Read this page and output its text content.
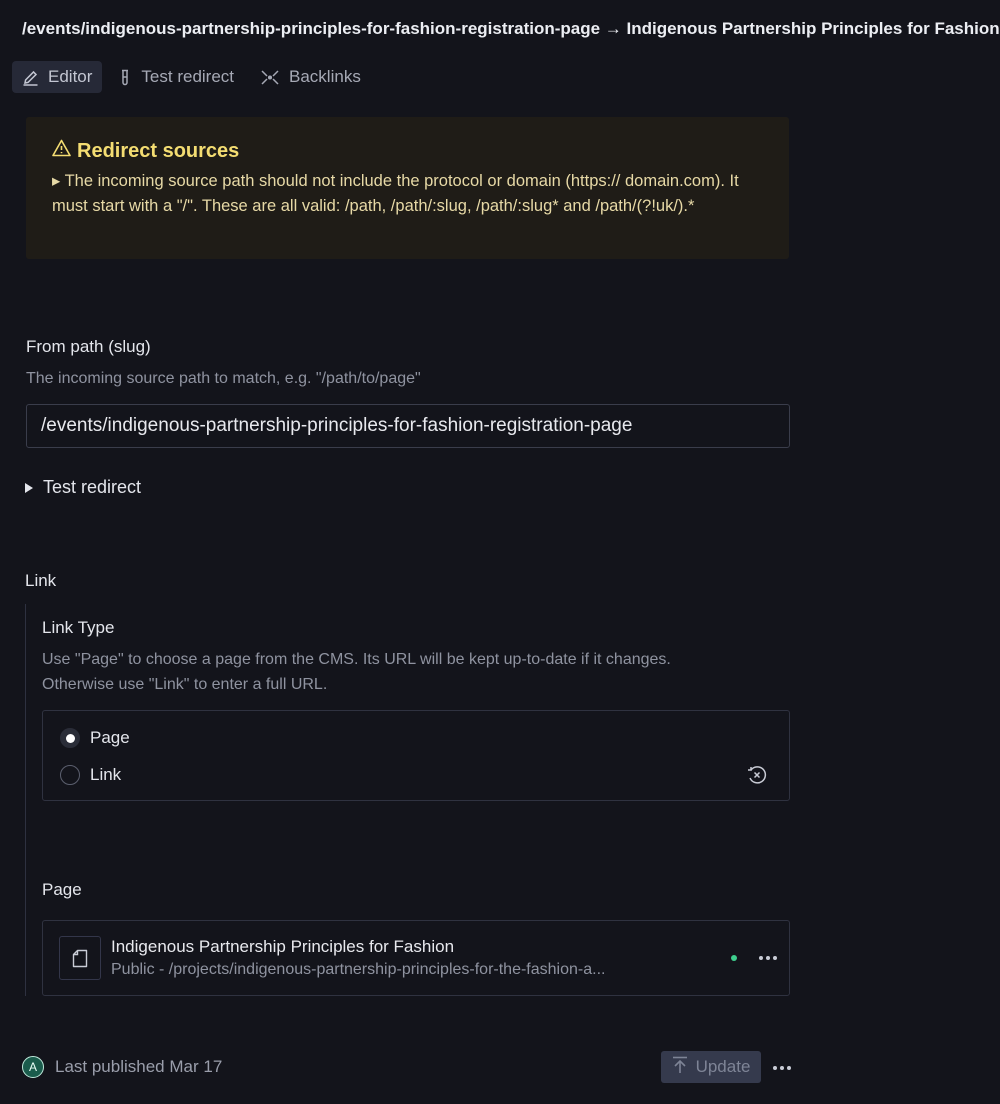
/events/indigenous-partnership-principles-for-fashion-registration-page → Indigenous Partnership Principles for Fashion
Editor	Test redirect	Backlinks
Redirect sources
▸ The incoming source path should not include the protocol or domain (https:// domain.com). It must start with a "/". These are all valid: /path, /path/:slug, /path/:slug* and /path/(?!uk/).*
From path (slug)
The incoming source path to match, e.g. "/path/to/page"
/events/indigenous-partnership-principles-for-fashion-registration-page
Test redirect
Link
Link Type
Use "Page" to choose a page from the CMS. Its URL will be kept up-to-date if it changes. Otherwise use "Link" to enter a full URL.
Page
Link
Page
Indigenous Partnership Principles for Fashion
Public - /projects/indigenous-partnership-principles-for-the-fashion-a...
A	Last published Mar 17	Update
